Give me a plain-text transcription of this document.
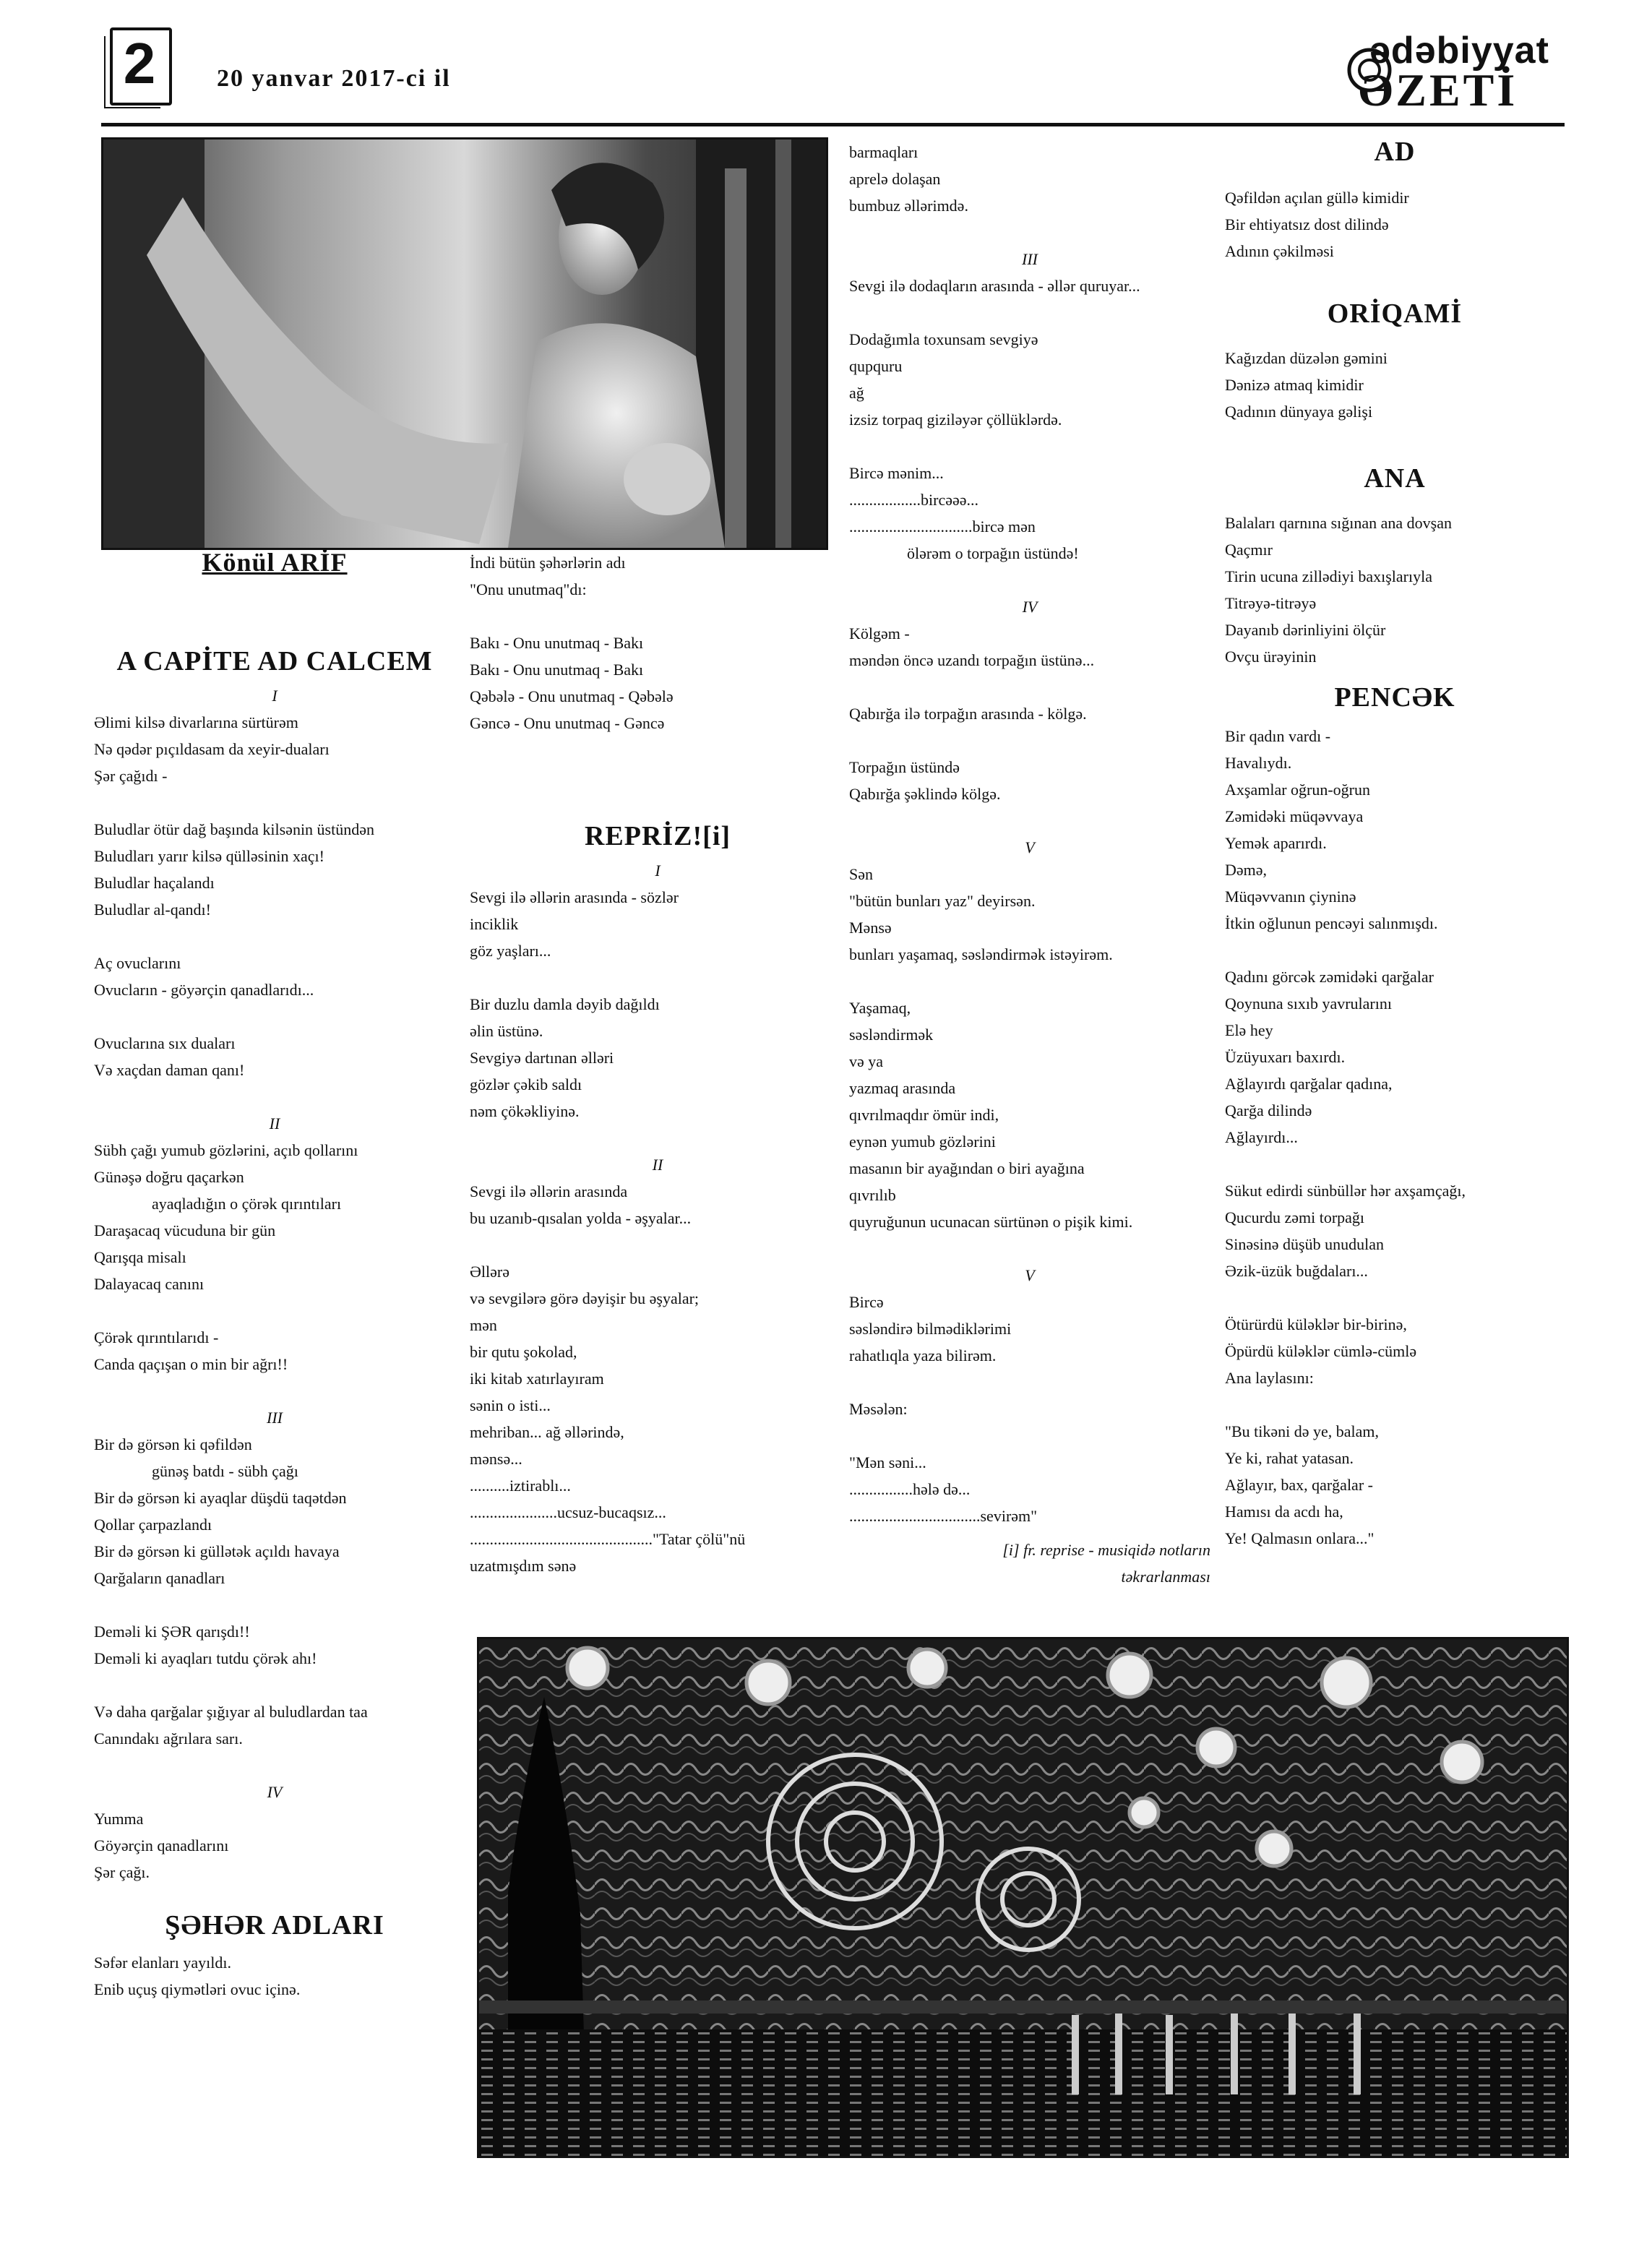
2 20 yanvar 2017-ci il
ədəbiyyat
ƏZETİ
Könül ARİF
A CAPİTE AD CALCEM
I

Əlimi kilsə divarlarına sürtürəm

Nə qədər pıçıldasam da xeyir-duaları

Şər çağıdı -

Buludlar ötür dağ başında kilsənin üstündən

Buludları yarır kilsə qülləsinin xaçı!

Buludlar haçalandı

Buludlar al-qandı!

Aç ovuclarını

Ovucların - göyərçin qanadlarıdı...

Ovuclarına sıx duaları

Və xaçdan daman qanı!

II

Sübh çağı yumub gözlərini, açıb qollarını

Günəşə doğru qaçarkən

ayaqladığın o çörək qırıntıları

Daraşacaq vücuduna bir gün

Qarışqa misalı

Dalayacaq canını

Çörək qırıntılarıdı -

Canda qaçışan o min bir ağrı!!

III

Bir də görsən ki qəfildən

günəş batdı - sübh çağı

Bir də görsən ki ayaqlar düşdü taqətdən

Qollar çarpazlandı

Bir də görsən ki güllətək açıldı havaya

Qarğaların qanadları

Deməli ki ŞƏR qarışdı!!

Deməli ki ayaqları tutdu çörək ahı!

Və daha qarğalar şığıyar al buludlardan taa

Canındakı ağrılara sarı.

IV

Yumma

Göyərçin qanadlarını

Şər çağı.

ŞƏHƏR ADLARI

Səfər elanları yayıldı.

Enib uçuş qiymətləri ovuc içinə.

İndi bütün şəhərlərin adı

"Onu unutmaq"dı:

Bakı - Onu unutmaq - Bakı

Bakı - Onu unutmaq - Bakı

Qəbələ - Onu unutmaq - Qəbələ

Gəncə - Onu unutmaq - Gəncə

REPRİZ![i]
I

Sevgi ilə əllərin arasında - sözlər

inciklik

göz yaşları...

Bir duzlu damla dəyib dağıldı

əlin üstünə.

Sevgiyə dartınan əlləri

gözlər çəkib saldı

nəm çökəkliyinə.

II

Sevgi ilə əllərin arasında

bu uzanıb-qısalan yolda - əşyalar...

Əllərə

və sevgilərə görə dəyişir bu əşyalar;

mən

bir qutu şokolad,

iki kitab xatırlayıram

sənin o isti...

mehriban... ağ əllərində,

mənsə...

..........iztirablı...

......................ucsuz-bucaqsız...

.............................................."Tatar çölü"nü

uzatmışdım sənə

barmaqları

aprelə dolaşan

bumbuz əllərimdə.

III

Sevgi ilə dodaqların arasında - əllər quruyar...

Dodağımla toxunsam sevgiyə

qupquru

ağ

izsiz torpaq giziləyər çöllüklərdə.

Bircə mənim...

..................bircəəə...

...............................bircə mən

ölərəm o torpağın üstündə!

IV

Kölgəm -

məndən öncə uzandı torpağın üstünə...

Qabırğa ilə torpağın arasında - kölgə.

Torpağın üstündə

Qabırğa şəklində kölgə.

V

Sən

"bütün bunları yaz" deyirsən.

Mənsə

bunları yaşamaq, səsləndirmək istəyirəm.

Yaşamaq,

səsləndirmək

və ya

yazmaq arasında

qıvrılmaqdır ömür indi,

eynən yumub gözlərini

masanın bir ayağından o biri ayağına

qıvrılıb

quyruğunun ucunacan sürtünən o pişik kimi.

V

Bircə

səsləndirə bilmədiklərimi

rahatlıqla yaza bilirəm.

Məsələn:

"Mən səni...

................hələ də...

.................................sevirəm"

[i] fr. reprise - musiqidə notların

təkrarlanması

AD

Qəfildən açılan güllə kimidir

Bir ehtiyatsız dost dilində

Adının çəkilməsi

ORİQAMİ

Kağızdan düzələn gəmini

Dənizə atmaq kimidir

Qadının dünyaya gəlişi

ANA

Balaları qarnına sığınan ana dovşan

Qaçmır

Tirin ucuna zillədiyi baxışlarıyla

Titrəyə-titrəyə

Dayanıb dərinliyini ölçür

Ovçu ürəyinin

PENCƏK

Bir qadın vardı -

Havalıydı.

Axşamlar oğrun-oğrun

Zəmidəki müqəvvaya

Yemək aparırdı.

Dəmə,

Müqəvvanın çiyninə

İtkin oğlunun pencəyi salınmışdı.

Qadını görcək zəmidəki qarğalar

Qoynuna sıxıb yavrularını

Elə hey

Üzüyuxarı baxırdı.

Ağlayırdı qarğalar qadına,

Qarğa dilində

Ağlayırdı...

Sükut edirdi sünbüllər hər axşamçağı,

Qucurdu zəmi torpağı

Sinəsinə düşüb unudulan

Əzik-üzük buğdaları...

Ötürürdü küləklər bir-birinə,

Öpürdü küləklər cümlə-cümlə

Ana laylasını:

"Bu tikəni də ye, balam,

Ye ki, rahat yatasan.

Ağlayır, bax, qarğalar -

Hamısı da acdı ha,

Ye! Qalmasın onlara..."
